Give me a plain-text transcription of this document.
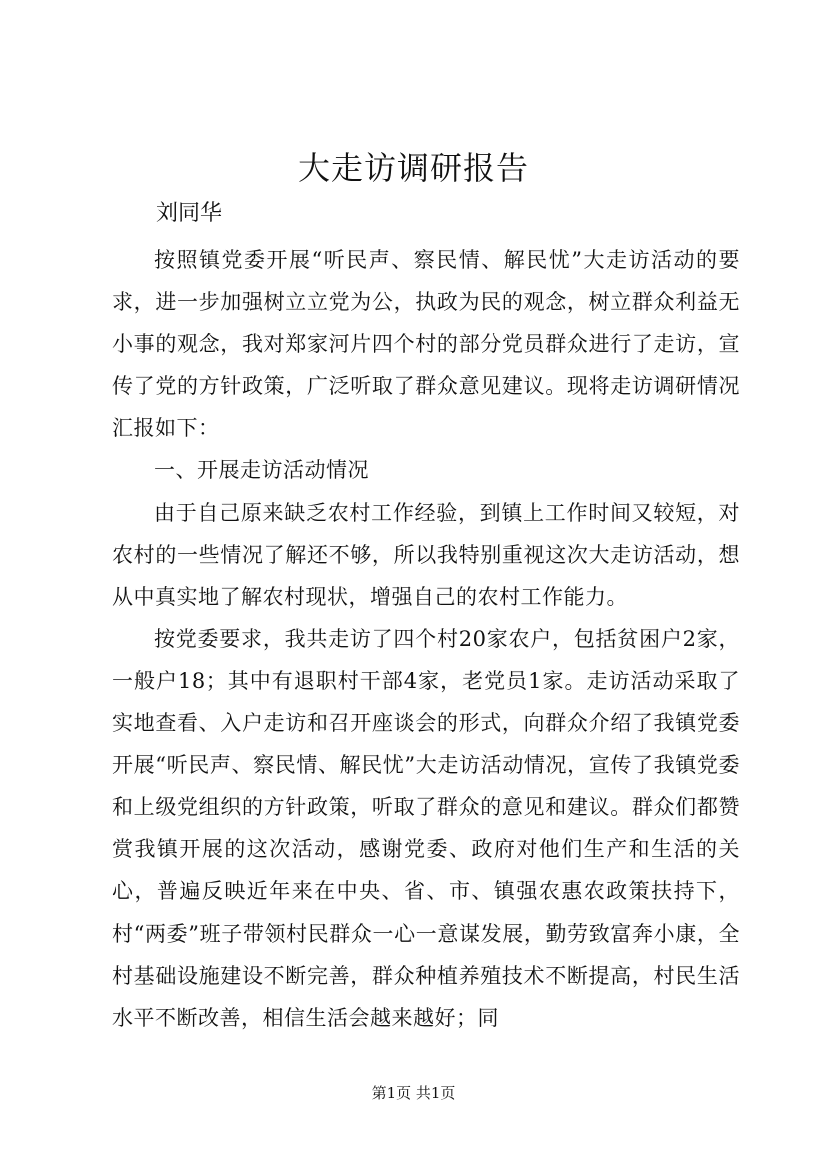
大走访调研报告

刘同华

按照镇党委开展“听民声、察民情、解民忧”大走访活动的要求，进一步加强树立立党为公，执政为民的观念，树立群众利益无小事的观念，我对郑家河片四个村的部分党员群众进行了走访，宣传了党的方针政策，广泛听取了群众意见建议。现将走访调研情况汇报如下：

一、开展走访活动情况

由于自己原来缺乏农村工作经验，到镇上工作时间又较短，对农村的一些情况了解还不够，所以我特别重视这次大走访活动，想从中真实地了解农村现状，增强自己的农村工作能力。

按党委要求，我共走访了四个村20家农户，包括贫困户2家，一般户18；其中有退职村干部4家，老党员1家。走访活动采取了实地查看、入户走访和召开座谈会的形式，向群众介绍了我镇党委开展“听民声、察民情、解民忧”大走访活动情况，宣传了我镇党委和上级党组织的方针政策，听取了群众的意见和建议。群众们都赞赏我镇开展的这次活动，感谢党委、政府对他们生产和生活的关心，普遍反映近年来在中央、省、市、镇强农惠农政策扶持下，村“两委”班子带领村民群众一心一意谋发展，勤劳致富奔小康，全村基础设施建设不断完善，群众种植养殖技术不断提高，村民生活水平不断改善，相信生活会越来越好；同

第1页 共1页
